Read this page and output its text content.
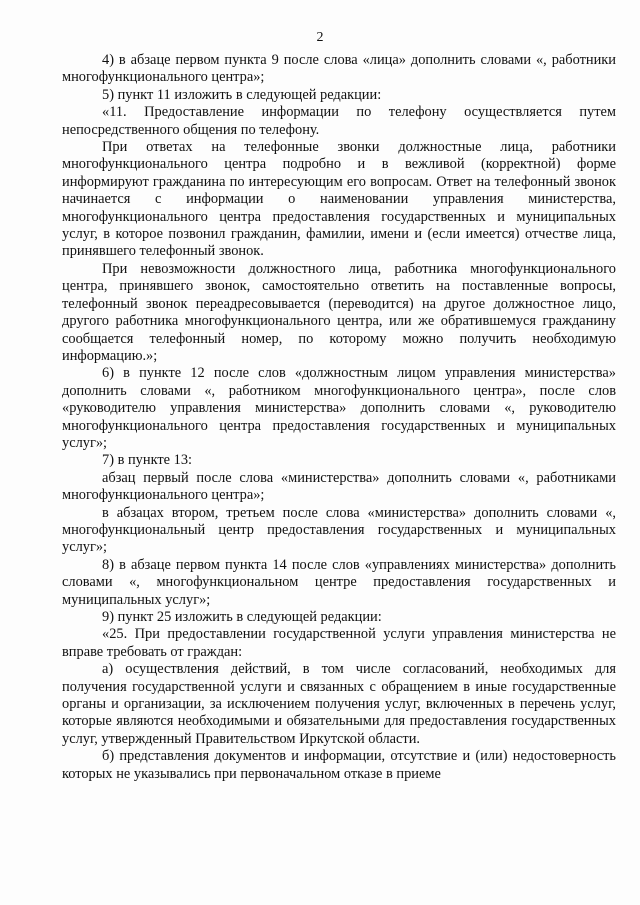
2

4) в абзаце первом пункта 9 после слова «лица» дополнить словами «, работники многофункционального центра»;

5) пункт 11 изложить в следующей редакции:

«11. Предоставление информации по телефону осуществляется путем непосредственного общения по телефону.

При ответах на телефонные звонки должностные лица, работники многофункционального центра подробно и в вежливой (корректной) форме информируют гражданина по интересующим его вопросам. Ответ на телефонный звонок начинается с информации о наименовании управления министерства, многофункционального центра предоставления государственных и муниципальных услуг, в которое позвонил гражданин, фамилии, имени и (если имеется) отчестве лица, принявшего телефонный звонок.

При невозможности должностного лица, работника многофункционального центра, принявшего звонок, самостоятельно ответить на поставленные вопросы, телефонный звонок переадресовывается (переводится) на другое должностное лицо, другого работника многофункционального центра, или же обратившемуся гражданину сообщается телефонный номер, по которому можно получить необходимую информацию.»;

6) в пункте 12 после слов «должностным лицом управления министерства» дополнить словами «, работником многофункционального центра», после слов «руководителю управления министерства» дополнить словами «, руководителю многофункционального центра предоставления государственных и муниципальных услуг»;

7) в пункте 13:

абзац первый после слова «министерства» дополнить словами «, работниками многофункционального центра»;

в абзацах втором, третьем после слова «министерства» дополнить словами «, многофункциональный центр предоставления государственных и муниципальных услуг»;

8) в абзаце первом пункта 14 после слов «управлениях министерства» дополнить словами «, многофункциональном центре предоставления государственных и муниципальных услуг»;

9) пункт 25 изложить в следующей редакции:

«25. При предоставлении государственной услуги управления министерства не вправе требовать от граждан:

а) осуществления действий, в том числе согласований, необходимых для получения государственной услуги и связанных с обращением в иные государственные органы и организации, за исключением получения услуг, включенных в перечень услуг, которые являются необходимыми и обязательными для предоставления государственных услуг, утвержденный Правительством Иркутской области.

б) представления документов и информации, отсутствие и (или) недостоверность которых не указывались при первоначальном отказе в приеме
